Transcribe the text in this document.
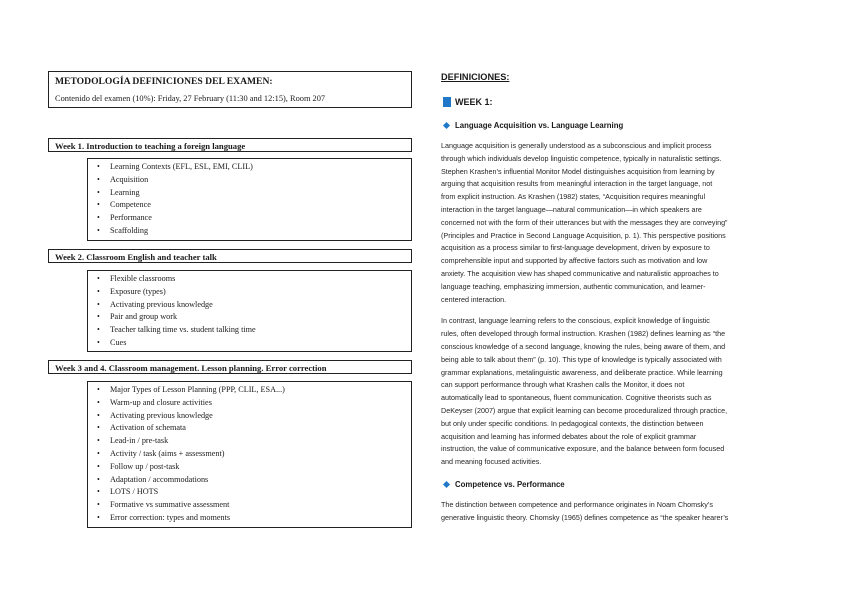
METODOLOGÍA DEFINICIONES DEL EXAMEN:
Contenido del examen (10%): Friday, 27 February (11:30 and 12:15), Room 207
Week 1. Introduction to teaching a foreign language
• Learning Contexts (EFL, ESL, EMI, CLIL)
• Acquisition
• Learning
• Competence
• Performance
• Scaffolding
Week 2. Classroom English and teacher talk
• Flexible classrooms
• Exposure (types)
• Activating previous knowledge
• Pair and group work
• Teacher talking time vs. student talking time
• Cues
Week 3 and 4. Classroom management. Lesson planning. Error correction
• Major Types of Lesson Planning (PPP, CLIL, ESA...)
• Warm-up and closure activities
• Activating previous knowledge
• Activation of schemata
• Lead-in / pre-task
• Activity / task (aims + assessment)
• Follow up / post-task
• Adaptation / accommodations
• LOTS / HOTS
• Formative vs summative assessment
• Error correction: types and moments
DEFINICIONES:
WEEK 1:
Language Acquisition vs. Language Learning
Language acquisition is generally understood as a subconscious and implicit process
through which individuals develop linguistic competence, typically in naturalistic settings.
Stephen Krashen’s influential Monitor Model distinguishes acquisition from learning by
arguing that acquisition results from meaningful interaction in the target language, not
from explicit instruction. As Krashen (1982) states, “Acquisition requires meaningful
interaction in the target language—natural communication—in which speakers are
concerned not with the form of their utterances but with the messages they are conveying”
(Principles and Practice in Second Language Acquisition, p. 1). This perspective positions
acquisition as a process similar to first-language development, driven by exposure to
comprehensible input and supported by affective factors such as motivation and low
anxiety. The acquisition view has shaped communicative and naturalistic approaches to
language teaching, emphasizing immersion, authentic communication, and learner-
centered interaction.
In contrast, language learning refers to the conscious, explicit knowledge of linguistic
rules, often developed through formal instruction. Krashen (1982) defines learning as “the
conscious knowledge of a second language, knowing the rules, being aware of them, and
being able to talk about them” (p. 10). This type of knowledge is typically associated with
grammar explanations, metalinguistic awareness, and deliberate practice. While learning
can support performance through what Krashen calls the Monitor, it does not
automatically lead to spontaneous, fluent communication. Cognitive theorists such as
DeKeyser (2007) argue that explicit learning can become proceduralized through practice,
but only under specific conditions. In pedagogical contexts, the distinction between
acquisition and learning has informed debates about the role of explicit grammar
instruction, the value of communicative exposure, and the balance between form focused
and meaning focused activities.
Competence vs. Performance
The distinction between competence and performance originates in Noam Chomsky’s
generative linguistic theory. Chomsky (1965) defines competence as “the speaker hearer’s
